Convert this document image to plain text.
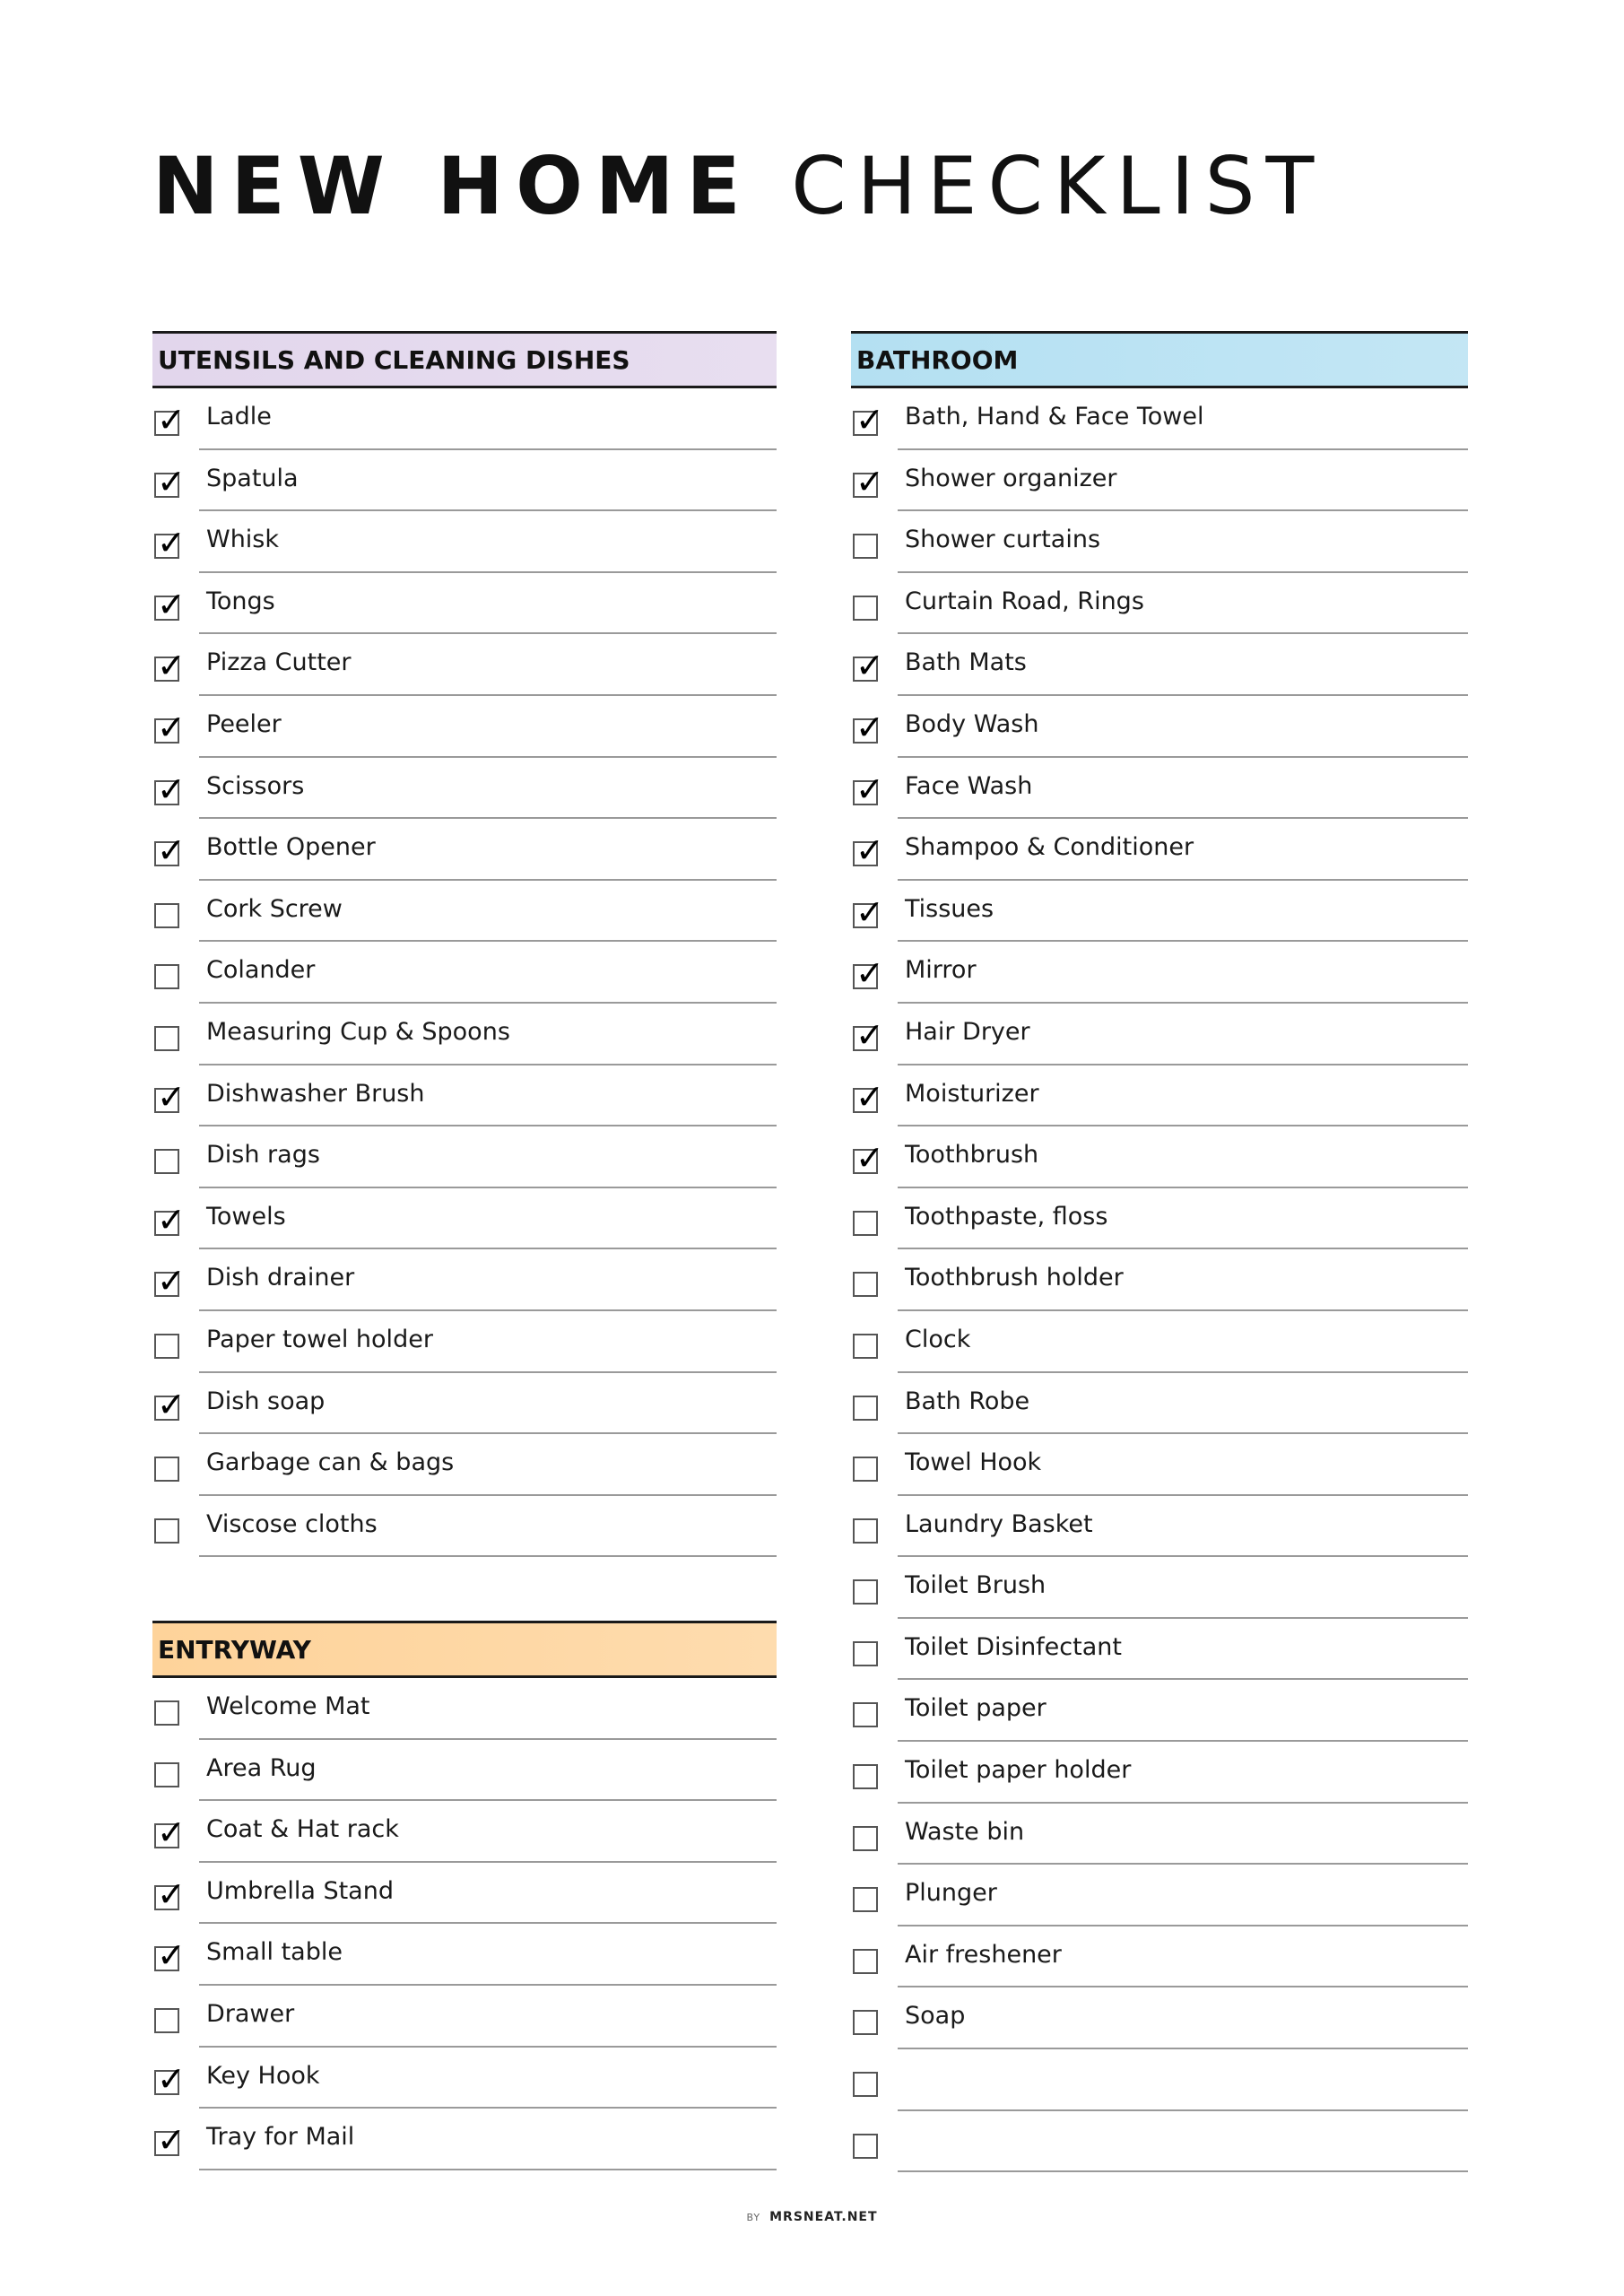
NEW HOME CHECKLIST
UTENSILS AND CLEANING DISHES
✓ Ladle
✓ Spatula
✓ Whisk
✓ Tongs
✓ Pizza Cutter
✓ Peeler
✓ Scissors
✓ Bottle Opener
Cork Screw
Colander
Measuring Cup & Spoons
✓ Dishwasher Brush
Dish rags
✓ Towels
✓ Dish drainer
Paper towel holder
✓ Dish soap
Garbage can & bags
Viscose cloths
ENTRYWAY
Welcome Mat
Area Rug
✓ Coat & Hat rack
✓ Umbrella Stand
✓ Small table
Drawer
✓ Key Hook
✓ Tray for Mail
BATHROOM
✓ Bath, Hand & Face Towel
✓ Shower organizer
Shower curtains
Curtain Road, Rings
✓ Bath Mats
✓ Body Wash
✓ Face Wash
✓ Shampoo & Conditioner
✓ Tissues
✓ Mirror
✓ Hair Dryer
✓ Moisturizer
✓ Toothbrush
Toothpaste, floss
Toothbrush holder
Clock
Bath Robe
Towel Hook
Laundry Basket
Toilet Brush
Toilet Disinfectant
Toilet paper
Toilet paper holder
Waste bin
Plunger
Air freshener
Soap
BY MRSNEAT.NET
